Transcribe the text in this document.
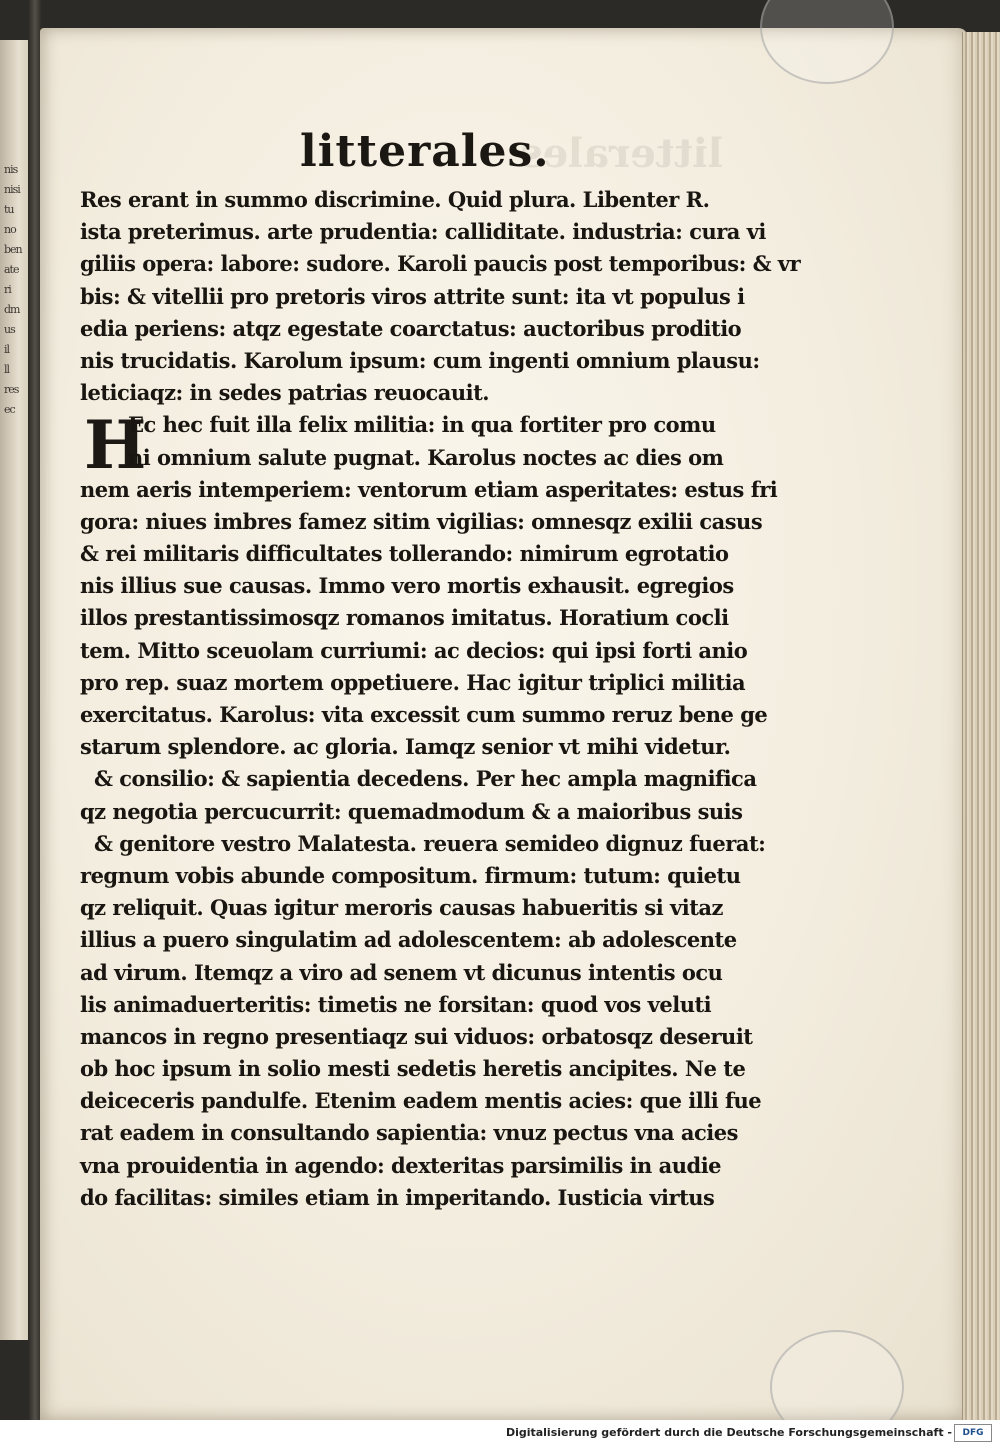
nis
nisi
tu
no
ben
ate
ri
dm
us
il
ll
res
ec
litterales
litterales.
H
Res erant in summo discrimine. Quid plura. Libenter R.
ista preterimus. arte prudentia: calliditate. industria: cura vi
giliis opera: labore: sudore. Karoli paucis post temporibus: & vr
bis: & vitellii pro pretoris viros attrite sunt: ita vt populus i
edia periens: atqz egestate coarctatus: auctoribus proditio
nis trucidatis. Karolum ipsum: cum ingenti omnium plausu:
leticiaqz: in sedes patrias reuocauit.
Ec hec fuit illa felix militia: in qua fortiter pro comu
ni omnium salute pugnat. Karolus noctes ac dies om
nem aeris intemperiem: ventorum etiam asperitates: estus fri
gora: niues imbres famez sitim vigilias: omnesqz exilii casus
& rei militaris difficultates tollerando: nimirum egrotatio
nis illius sue causas. Immo vero mortis exhausit. egregios
illos prestantissimosqz romanos imitatus. Horatium cocli
tem. Mitto sceuolam curriumi: ac decios: qui ipsi forti anio
pro rep. suaz mortem oppetiuere. Hac igitur triplici militia
exercitatus. Karolus: vita excessit cum summo reruz bene ge
starum splendore. ac gloria. Iamqz senior vt mihi videtur.
& consilio: & sapientia decedens. Per hec ampla magnifica
qz negotia percucurrit: quemadmodum & a maioribus suis
& genitore vestro Malatesta. reuera semideo dignuz fuerat:
regnum vobis abunde compositum. firmum: tutum: quietu
qz reliquit. Quas igitur meroris causas habueritis si vitaz
illius a puero singulatim ad adolescentem: ab adolescente
ad virum. Itemqz a viro ad senem vt dicunus intentis ocu
lis animaduerteritis: timetis ne forsitan: quod vos veluti
mancos in regno presentiaqz sui viduos: orbatosqz deseruit
ob hoc ipsum in solio mesti sedetis heretis ancipites. Ne te
deiceceris pandulfe. Etenim eadem mentis acies: que illi fue
rat eadem in consultando sapientia: vnuz pectus vna acies
vna prouidentia in agendo: dexteritas parsimilis in audie
do facilitas: similes etiam in imperitando. Iusticia virtus
Digitalisierung gefördert durch die Deutsche Forschungsgemeinschaft -	DFG
